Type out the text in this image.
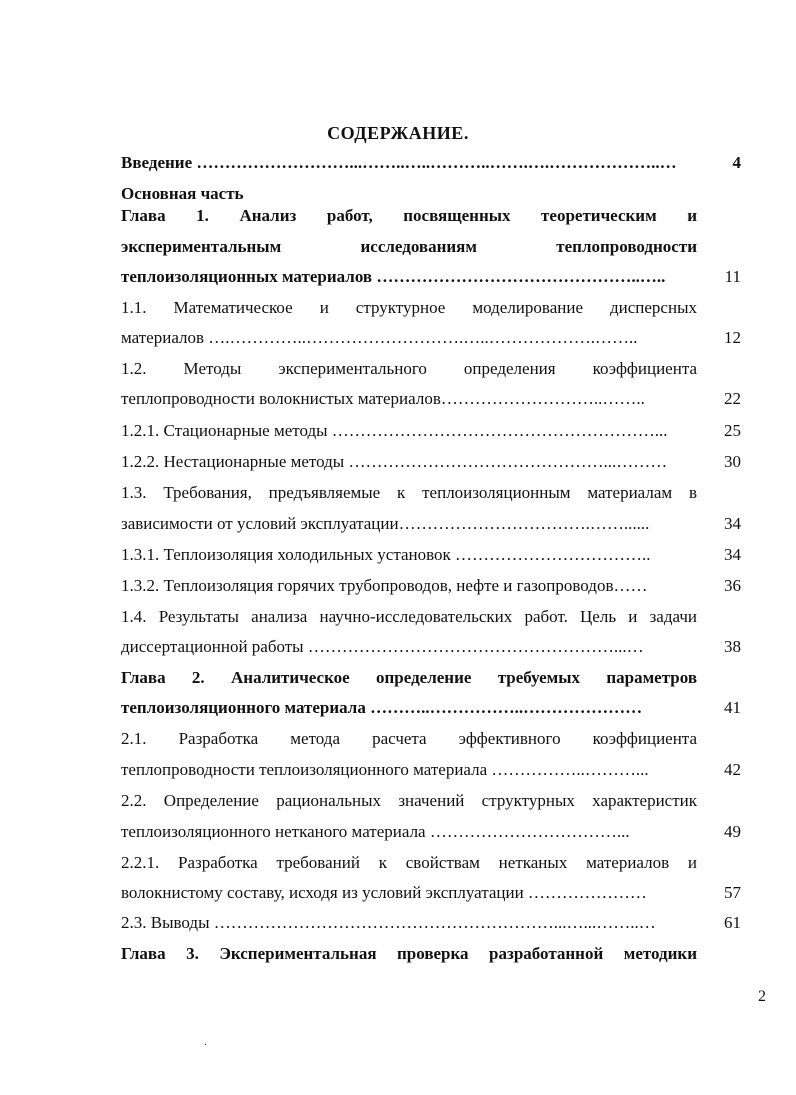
СОДЕРЖАНИЕ.
Введение ………………………...……..…..………..…….….………………..…	4
Основная часть
Глава 1. Анализ работ, посвященных теоретическим и
экспериментальным исследованиям теплопроводности
теплоизоляционных материалов ………………………………………..…..	11
1.1. Математическое и структурное моделирование дисперсных
материалов ….…………..……………………….…..……………….……..	12
1.2. Методы экспериментального определения коэффициента
теплопроводности волокнистых материалов………………………..……..	22
1.2.1. Стационарные методы …………………………………………………...	25
1.2.2. Нестационарные методы ………………………………………...………	30
1.3. Требования, предъявляемые к теплоизоляционным материалам в
зависимости от условий эксплуатации…………………………….……......	34
1.3.1. Теплоизоляция холодильных установок ……………………………..	34
1.3.2. Теплоизоляция горячих трубопроводов, нефте и газопроводов……	36
1.4. Результаты анализа научно-исследовательских работ. Цель и задачи
диссертационной работы ………………………………………………...…	38
Глава 2. Аналитическое определение требуемых параметров
теплоизоляционного материала ………..……………..…………………	41
2.1. Разработка метода расчета эффективного коэффициента
теплопроводности теплоизоляционного материала ……………..………...	42
2.2. Определение рациональных значений структурных характеристик
теплоизоляционного нетканого материала ……………………………...	49
2.2.1. Разработка требований к свойствам нетканых материалов и
волокнистому составу, исходя из условий эксплуатации …………………	57
2.3. Выводы ……………………………………………………...…...……..…	61
Глава 3. Экспериментальная проверка разработанной методики
2
·
